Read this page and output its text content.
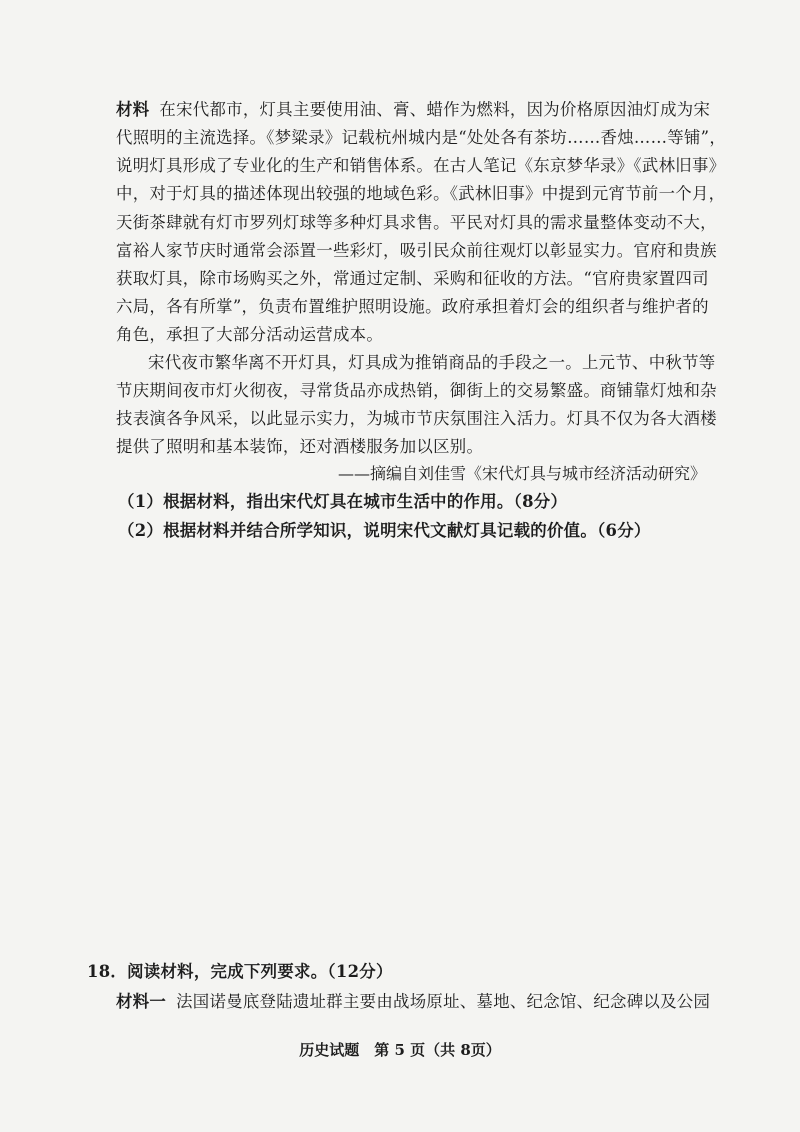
材料 在宋代都市，灯具主要使用油、膏、蜡作为燃料，因为价格原因油灯成为宋
代照明的主流选择。《梦粱录》记载杭州城内是“处处各有茶坊……香烛……等铺”，
说明灯具形成了专业化的生产和销售体系。在古人笔记《东京梦华录》《武林旧事》
中，对于灯具的描述体现出较强的地域色彩。《武林旧事》中提到元宵节前一个月，
天街茶肆就有灯市罗列灯球等多种灯具求售。平民对灯具的需求量整体变动不大，
富裕人家节庆时通常会添置一些彩灯，吸引民众前往观灯以彰显实力。官府和贵族
获取灯具，除市场购买之外，常通过定制、采购和征收的方法。“官府贵家置四司
六局，各有所掌”，负责布置维护照明设施。政府承担着灯会的组织者与维护者的
角色，承担了大部分活动运营成本。
宋代夜市繁华离不开灯具，灯具成为推销商品的手段之一。上元节、中秋节等
节庆期间夜市灯火彻夜，寻常货品亦成热销，御街上的交易繁盛。商铺靠灯烛和杂
技表演各争风采，以此显示实力，为城市节庆氛围注入活力。灯具不仅为各大酒楼
提供了照明和基本装饰，还对酒楼服务加以区别。
——摘编自刘佳雪《宋代灯具与城市经济活动研究》
（1）根据材料，指出宋代灯具在城市生活中的作用。（8分）
（2）根据材料并结合所学知识，说明宋代文献灯具记载的价值。（6分）
18．阅读材料，完成下列要求。（12分）
材料一 法国诺曼底登陆遗址群主要由战场原址、墓地、纪念馆、纪念碑以及公园
历史试题　第 5 页（共 8页）
